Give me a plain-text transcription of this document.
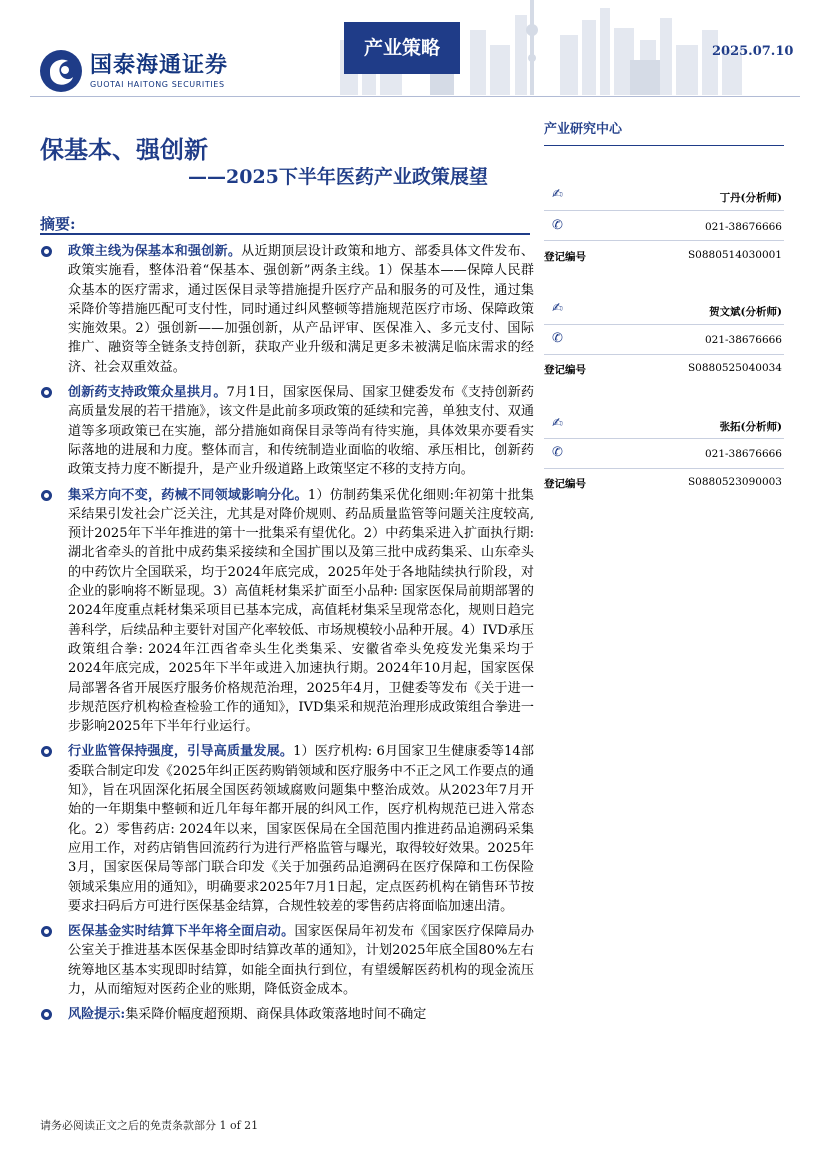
国泰海通证券
GUOTAI HAITONG SECURITIES
产业策略	2025.07.10
保基本、强创新
——2025下半年医药产业政策展望
摘要:
政策主线为保基本和强创新。从近期顶层设计政策和地方、部委具体文件发布、政策实施看，整体沿着“保基本、强创新”两条主线。1）保基本——保障人民群众基本的医疗需求，通过医保目录等措施提升医疗产品和服务的可及性，通过集采降价等措施匹配可支付性，同时通过纠风整顿等措施规范医疗市场、保障政策实施效果。2）强创新——加强创新，从产品评审、医保准入、多元支付、国际推广、融资等全链条支持创新，获取产业升级和满足更多未被满足临床需求的经济、社会双重效益。
创新药支持政策众星拱月。7月1日，国家医保局、国家卫健委发布《支持创新药高质量发展的若干措施》，该文件是此前多项政策的延续和完善，单独支付、双通道等多项政策已在实施，部分措施如商保目录等尚有待实施，具体效果亦要看实际落地的进展和力度。整体而言，和传统制造业面临的收缩、承压相比，创新药政策支持力度不断提升，是产业升级道路上政策坚定不移的支持方向。
集采方向不变，药械不同领域影响分化。1）仿制药集采优化细则:年初第十批集采结果引发社会广泛关注，尤其是对降价规则、药品质量监管等问题关注度较高,预计2025年下半年推进的第十一批集采有望优化。2）中药集采进入扩面执行期: 湖北省牵头的首批中成药集采接续和全国扩围以及第三批中成药集采、山东牵头的中药饮片全国联采，均于2024年底完成，2025年处于各地陆续执行阶段，对企业的影响将不断显现。3）高值耗材集采扩面至小品种: 国家医保局前期部署的2024年度重点耗材集采项目已基本完成，高值耗材集采呈现常态化，规则日趋完善科学，后续品种主要针对国产化率较低、市场规模较小品种开展。4）IVD承压政策组合拳: 2024年江西省牵头生化类集采、安徽省牵头免疫发光集采均于2024年底完成，2025年下半年或进入加速执行期。2024年10月起，国家医保局部署各省开展医疗服务价格规范治理，2025年4月，卫健委等发布《关于进一步规范医疗机构检查检验工作的通知》，IVD集采和规范治理形成政策组合拳进一步影响2025年下半年行业运行。
行业监管保持强度，引导高质量发展。1）医疗机构: 6月国家卫生健康委等14部委联合制定印发《2025年纠正医药购销领域和医疗服务中不正之风工作要点的通知》，旨在巩固深化拓展全国医药领域腐败问题集中整治成效。从2023年7月开始的一年期集中整顿和近几年每年都开展的纠风工作，医疗机构规范已进入常态化。2）零售药店: 2024年以来，国家医保局在全国范围内推进药品追溯码采集应用工作，对药店销售回流药行为进行严格监管与曝光，取得较好效果。2025年3月，国家医保局等部门联合印发《关于加强药品追溯码在医疗保障和工伤保险领域采集应用的通知》，明确要求2025年7月1日起，定点医药机构在销售环节按要求扫码后方可进行医保基金结算，合规性较差的零售药店将面临加速出清。
医保基金实时结算下半年将全面启动。国家医保局年初发布《国家医疗保障局办公室关于推进基本医保基金即时结算改革的通知》，计划2025年底全国80%左右统筹地区基本实现即时结算，如能全面执行到位，有望缓解医药机构的现金流压力，从而缩短对医药企业的账期，降低资金成本。
风险提示:集采降价幅度超预期、商保具体政策落地时间不确定
产业研究中心
✍	丁丹(分析师)
✆	021-38676666
登记编号	S0880514030001
✍	贺文斌(分析师)
✆	021-38676666
登记编号	S0880525040034
✍	张拓(分析师)
✆	021-38676666
登记编号	S0880523090003
请务必阅读正文之后的免责条款部分 1 of 21
